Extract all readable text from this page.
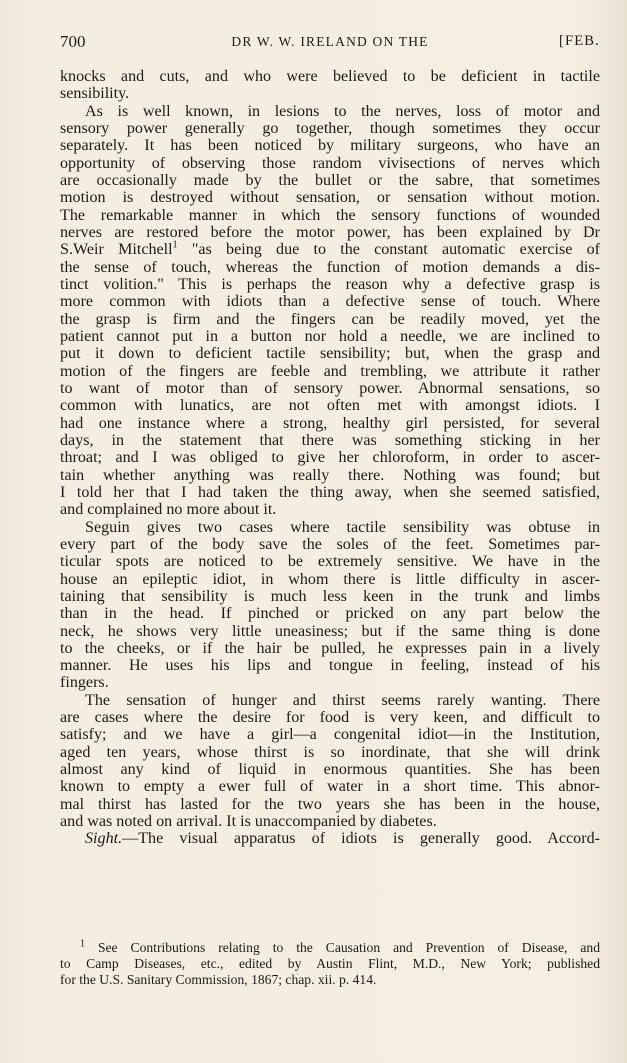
700	DR W. W. IRELAND ON THE	[FEB.
knocks and cuts, and who were believed to be deficient in tactile
sensibility.
As is well known, in lesions to the nerves, loss of motor and
sensory power generally go together, though sometimes they occur
separately. It has been noticed by military surgeons, who have an
opportunity of observing those random vivisections of nerves which
are occasionally made by the bullet or the sabre, that sometimes
motion is destroyed without sensation, or sensation without motion.
The remarkable manner in which the sensory functions of wounded
nerves are restored before the motor power, has been explained by Dr
S.Weir Mitchell$^1$ "as being due to the constant automatic exercise of
the sense of touch, whereas the function of motion demands a dis-
tinct volition." This is perhaps the reason why a defective grasp is
more common with idiots than a defective sense of touch. Where
the grasp is firm and the fingers can be readily moved, yet the
patient cannot put in a button nor hold a needle, we are inclined to
put it down to deficient tactile sensibility; but, when the grasp and
motion of the fingers are feeble and trembling, we attribute it rather
to want of motor than of sensory power. Abnormal sensations, so
common with lunatics, are not often met with amongst idiots. I
had one instance where a strong, healthy girl persisted, for several
days, in the statement that there was something sticking in her
throat; and I was obliged to give her chloroform, in order to ascer-
tain whether anything was really there. Nothing was found; but
I told her that I had taken the thing away, when she seemed satisfied,
and complained no more about it.
Seguin gives two cases where tactile sensibility was obtuse in
every part of the body save the soles of the feet. Sometimes par-
ticular spots are noticed to be extremely sensitive. We have in the
house an epileptic idiot, in whom there is little difficulty in ascer-
taining that sensibility is much less keen in the trunk and limbs
than in the head. If pinched or pricked on any part below the
neck, he shows very little uneasiness; but if the same thing is done
to the cheeks, or if the hair be pulled, he expresses pain in a lively
manner. He uses his lips and tongue in feeling, instead of his
fingers.
The sensation of hunger and thirst seems rarely wanting. There
are cases where the desire for food is very keen, and difficult to
satisfy; and we have a girl—a congenital idiot—in the Institution,
aged ten years, whose thirst is so inordinate, that she will drink
almost any kind of liquid in enormous quantities. She has been
known to empty a ewer full of water in a short time. This abnor-
mal thirst has lasted for the two years she has been in the house,
and was noted on arrival. It is unaccompanied by diabetes.
Sight.—The visual apparatus of idiots is generally good. Accord-
$^1$ See Contributions relating to the Causation and Prevention of Disease, and
to Camp Diseases, etc., edited by Austin Flint, M.D., New York; published
for the U.S. Sanitary Commission, 1867; chap. xii. p. 414.
